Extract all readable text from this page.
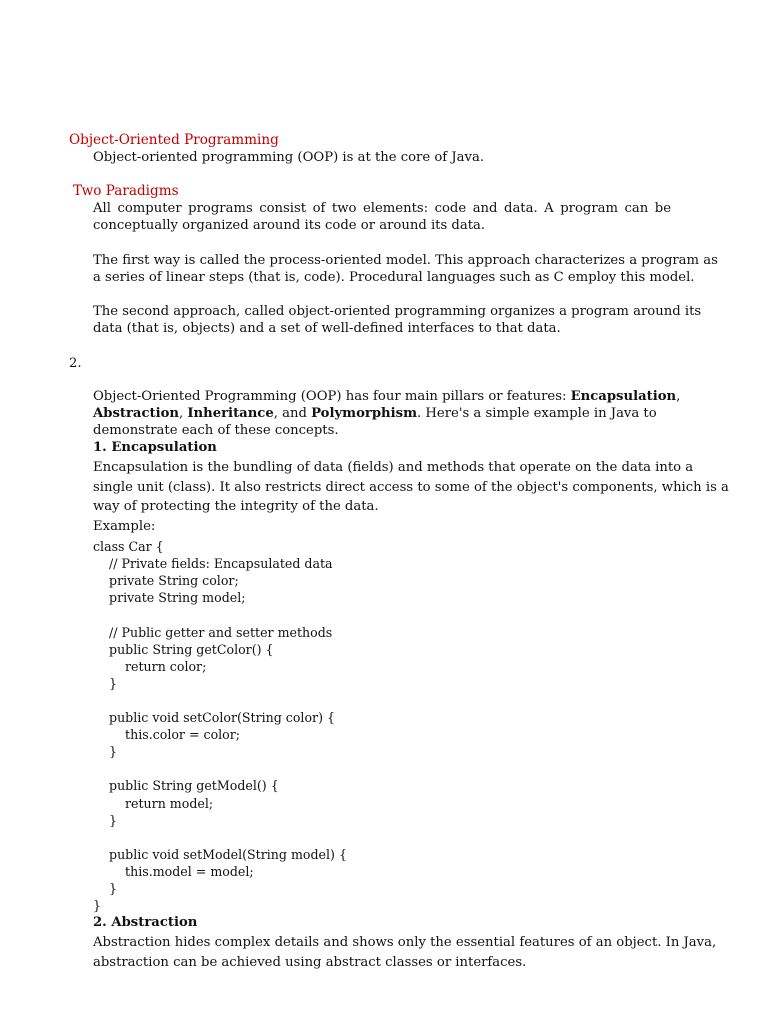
Object-Oriented Programming
Object-oriented programming (OOP) is at the core of Java.
Two Paradigms
All computer programs consist of two elements: code and data. A program can be
conceptually organized around its code or around its data.
The first way is called the process-oriented model. This approach characterizes a program as
a series of linear steps (that is, code). Procedural languages such as C employ this model.
The second approach, called object-oriented programming organizes a program around its
data (that is, objects) and a set of well-defined interfaces to that data.
2.
Object-Oriented Programming (OOP) has four main pillars or features: Encapsulation,
Abstraction, Inheritance, and Polymorphism. Here's a simple example in Java to
demonstrate each of these concepts.
1. Encapsulation
Encapsulation is the bundling of data (fields) and methods that operate on the data into a
single unit (class). It also restricts direct access to some of the object's components, which is a
way of protecting the integrity of the data.
Example:
class Car {
// Private fields: Encapsulated data
private String color;
private String model;
// Public getter and setter methods
public String getColor() {
return color;
}
public void setColor(String color) {
this.color = color;
}
public String getModel() {
return model;
}
public void setModel(String model) {
this.model = model;
}
}
2. Abstraction
Abstraction hides complex details and shows only the essential features of an object. In Java,
abstraction can be achieved using abstract classes or interfaces.
